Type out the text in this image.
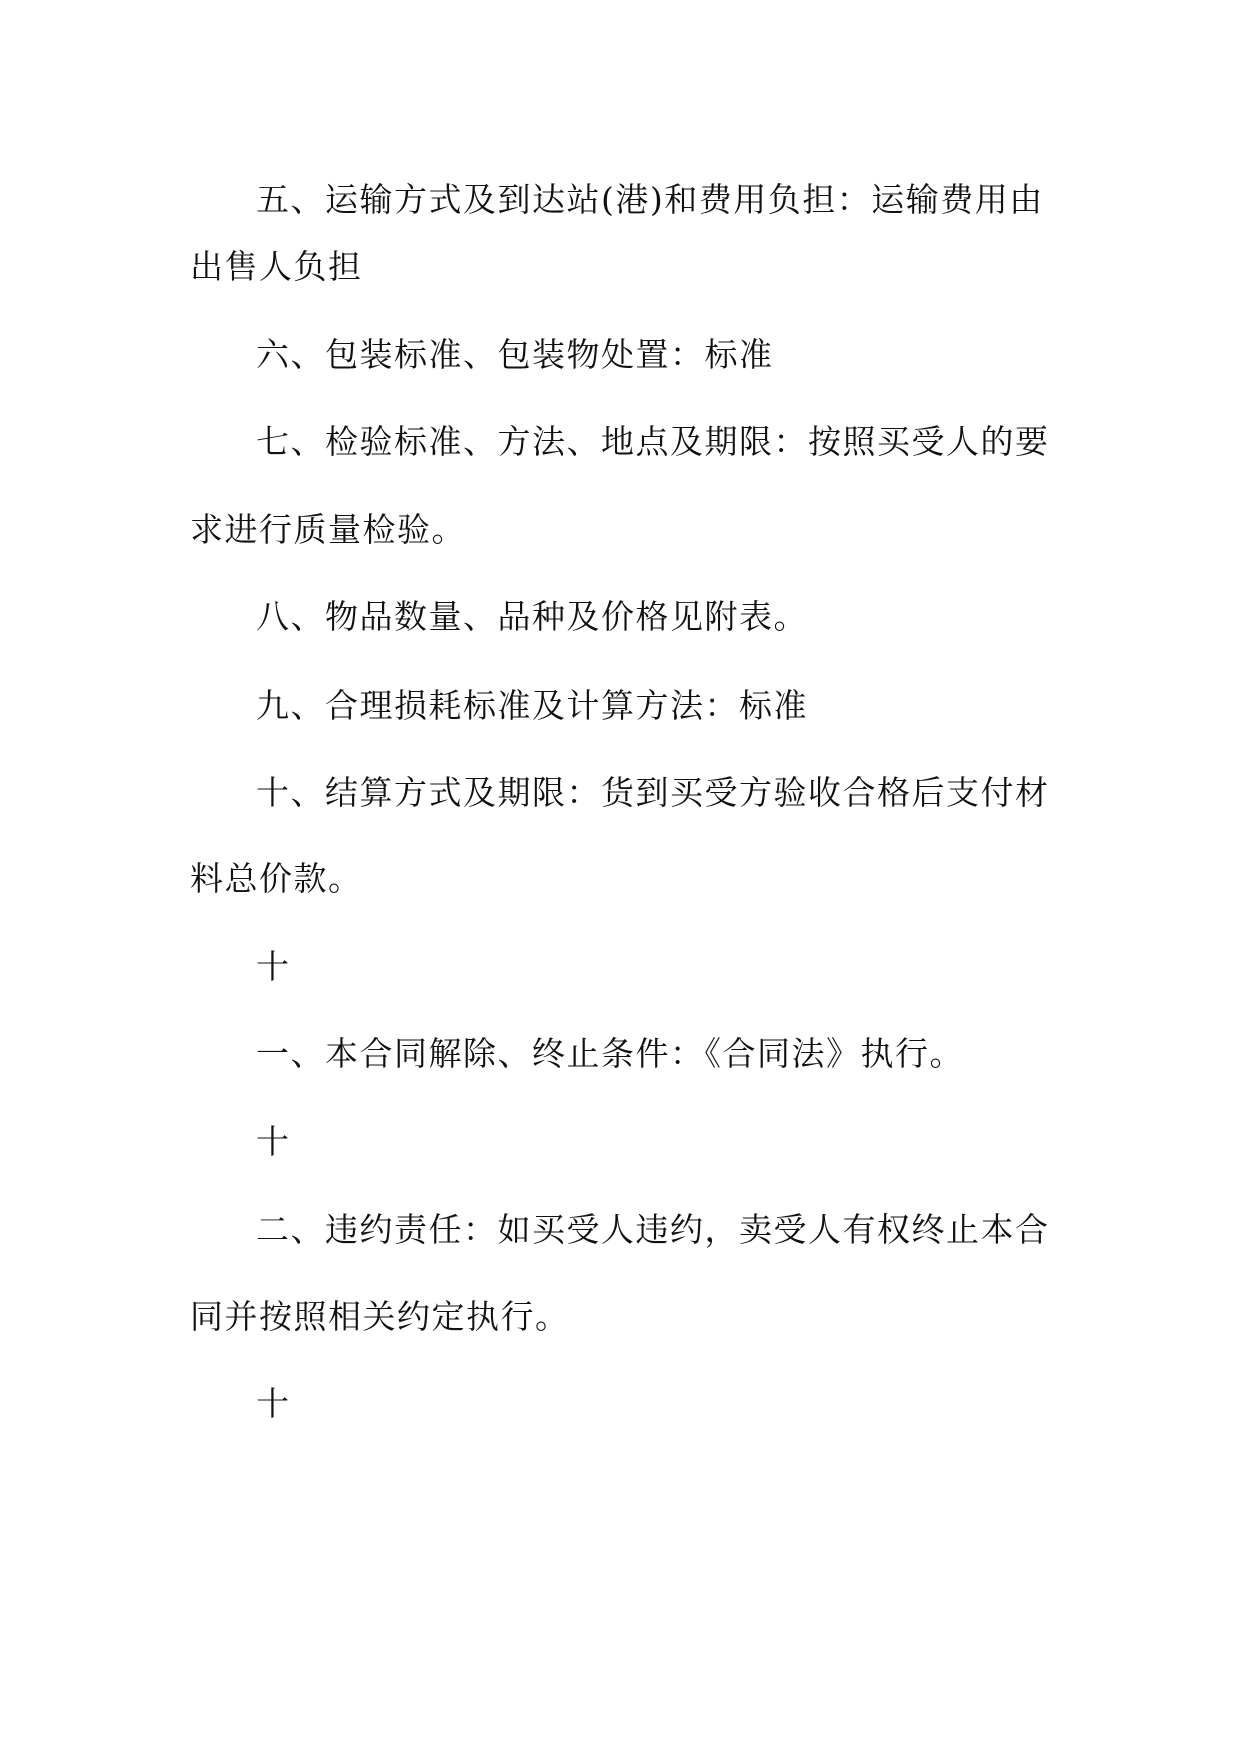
五、运输方式及到达站(港)和费用负担：运输费用由

出售人负担

六、包装标准、包装物处置：标准

七、检验标准、方法、地点及期限：按照买受人的要

求进行质量检验。

八、物品数量、品种及价格见附表。

九、合理损耗标准及计算方法：标准

十、结算方式及期限：货到买受方验收合格后支付材

料总价款。

十

一、本合同解除、终止条件：《合同法》执行。

十

二、违约责任：如买受人违约，卖受人有权终止本合

同并按照相关约定执行。

十
